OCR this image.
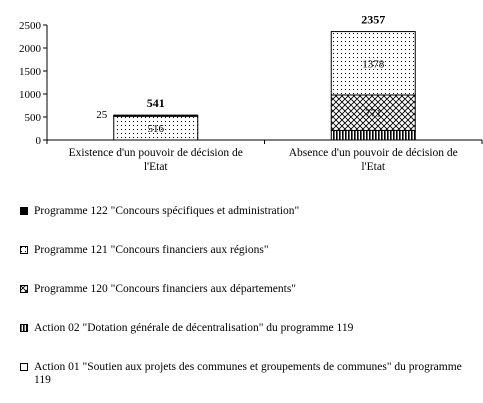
0
500
1000
1500
2000
2500
516
25
541
Existence d'un pouvoir de décision de
l'Etat
771
1378
2357
Absence d'un pouvoir de décision de
l'Etat
Programme 122 "Concours spécifiques et administration"
Programme 121 "Concours financiers aux régions"
Programme 120 "Concours financiers aux départements"
Action 02 "Dotation générale de décentralisation" du programme 119
Action 01 "Soutien aux projets des communes et groupements de communes" du programme 119
